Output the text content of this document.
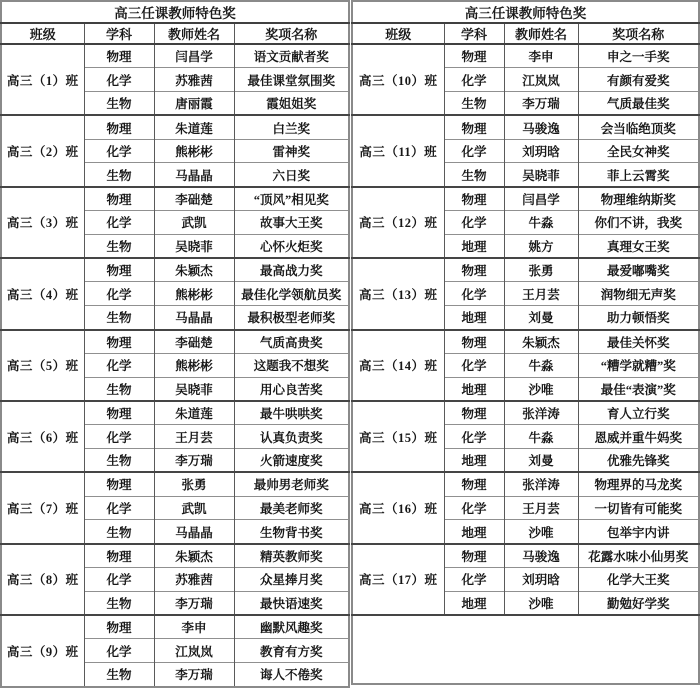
高三任课教师特色奖			
班级	学科	教师姓名	奖项名称
高三（1）班	物理	闫昌学	语文贡献者奖
	化学	苏雅茜	最佳课堂氛围奖
	生物	唐丽霞	霞姐姐奖
高三（2）班	物理	朱道莲	白兰奖
	化学	熊彬彬	雷神奖
	生物	马晶晶	六日奖
高三（3）班	物理	李础楚	“顶风”相见奖
	化学	武凯	故事大王奖
	生物	吴晓菲	心怀火炬奖
高三（4）班	物理	朱颖杰	最高战力奖
	化学	熊彬彬	最佳化学领航员奖
	生物	马晶晶	最积极型老师奖
高三（5）班	物理	李础楚	气质高贵奖
	化学	熊彬彬	这题我不想奖
	生物	吴晓菲	用心良苦奖
高三（6）班	物理	朱道莲	最牛哄哄奖
	化学	王月芸	认真负责奖
	生物	李万瑞	火箭速度奖
高三（7）班	物理	张勇	最帅男老师奖
	化学	武凯	最美老师奖
	生物	马晶晶	生物背书奖
高三（8）班	物理	朱颖杰	精英教师奖
	化学	苏雅茜	众星捧月奖
	生物	李万瑞	最快语速奖
高三（9）班	物理	李申	幽默风趣奖
	化学	江岚岚	教育有方奖
	生物	李万瑞	诲人不倦奖
高三任课教师特色奖			
班级	学科	教师姓名	奖项名称
高三（10）班	物理	李申	申之一手奖
	化学	江岚岚	有颜有爱奖
	生物	李万瑞	气质最佳奖
高三（11）班	物理	马骏逸	会当临绝顶奖
	化学	刘玥晗	全民女神奖
	生物	吴晓菲	菲上云霄奖
高三（12）班	物理	闫昌学	物理维纳斯奖
	化学	牛淼	你们不讲，我奖
	地理	姚方	真理女王奖
高三（13）班	物理	张勇	最爱嘟嘴奖
	化学	王月芸	润物细无声奖
	地理	刘曼	助力顿悟奖
高三（14）班	物理	朱颖杰	最佳关怀奖
	化学	牛淼	“糟学就糟”奖
	地理	沙唯	最佳“表演”奖
高三（15）班	物理	张洋涛	育人立行奖
	化学	牛淼	恩威并重牛妈奖
	地理	刘曼	优雅先锋奖
高三（16）班	物理	张洋涛	物理界的马龙奖
	化学	王月芸	一切皆有可能奖
	地理	沙唯	包举宇内讲
高三（17）班	物理	马骏逸	花露水味小仙男奖
	化学	刘玥晗	化学大王奖
	地理	沙唯	勤勉好学奖
